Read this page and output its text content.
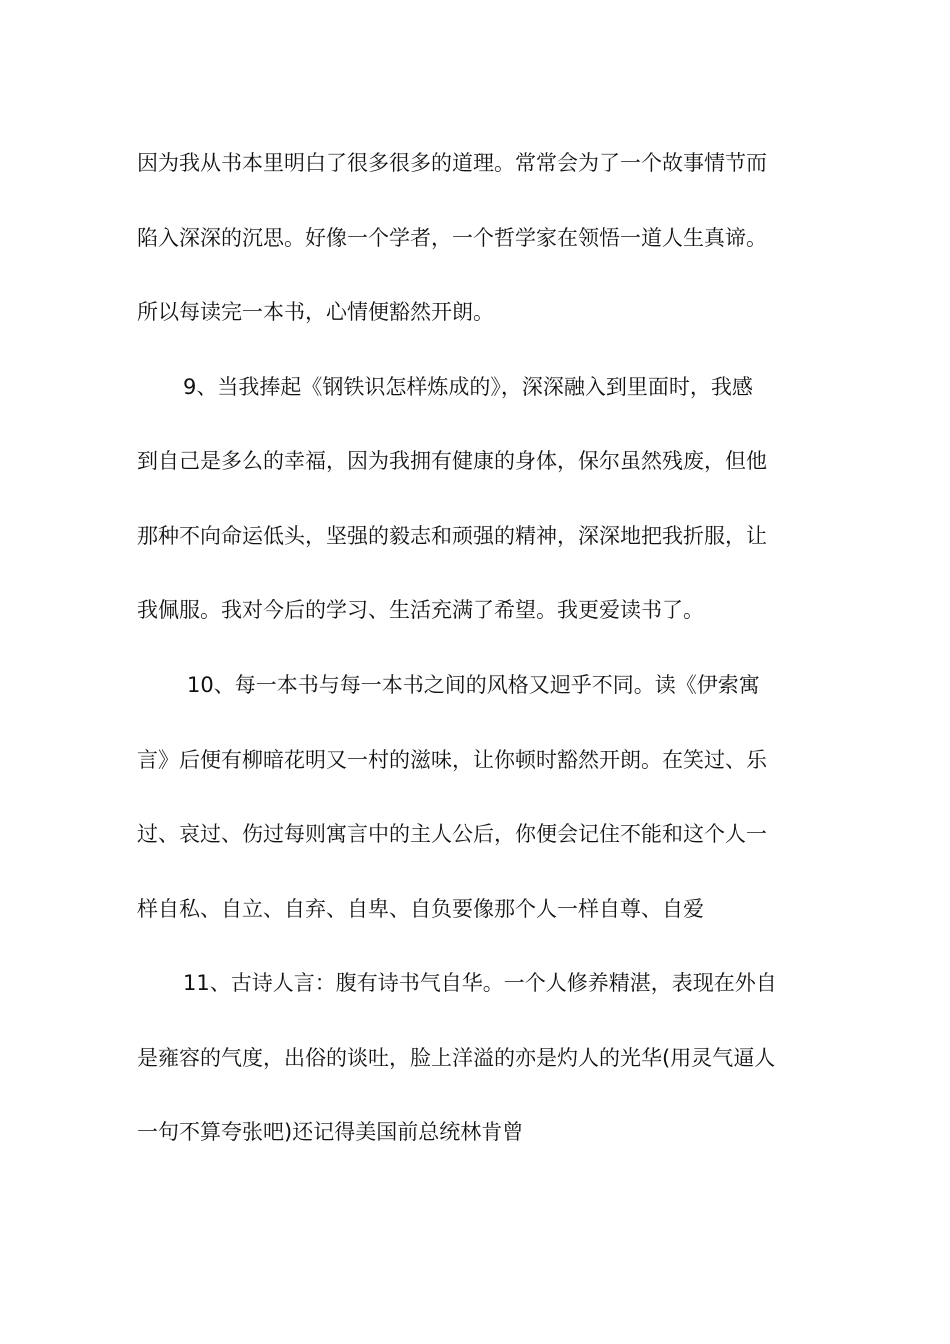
因为我从书本里明白了很多很多的道理。常常会为了一个故事情节而
陷入深深的沉思。好像一个学者，一个哲学家在领悟一道人生真谛。
所以每读完一本书，心情便豁然开朗。
9、当我捧起《钢铁识怎样炼成的》，深深融入到里面时，我感
到自己是多么的幸福，因为我拥有健康的身体，保尔虽然残废，但他
那种不向命运低头，坚强的毅志和顽强的精神，深深地把我折服，让
我佩服。我对今后的学习、生活充满了希望。我更爱读书了。
10、每一本书与每一本书之间的风格又迥乎不同。读《伊索寓
言》后便有柳暗花明又一村的滋味，让你顿时豁然开朗。在笑过、乐
过、哀过、伤过每则寓言中的主人公后，你便会记住不能和这个人一
样自私、自立、自弃、自卑、自负要像那个人一样自尊、自爱
11、古诗人言：腹有诗书气自华。一个人修养精湛，表现在外自
是雍容的气度，出俗的谈吐，脸上洋溢的亦是灼人的光华(用灵气逼人
一句不算夸张吧)还记得美国前总统林肯曾
